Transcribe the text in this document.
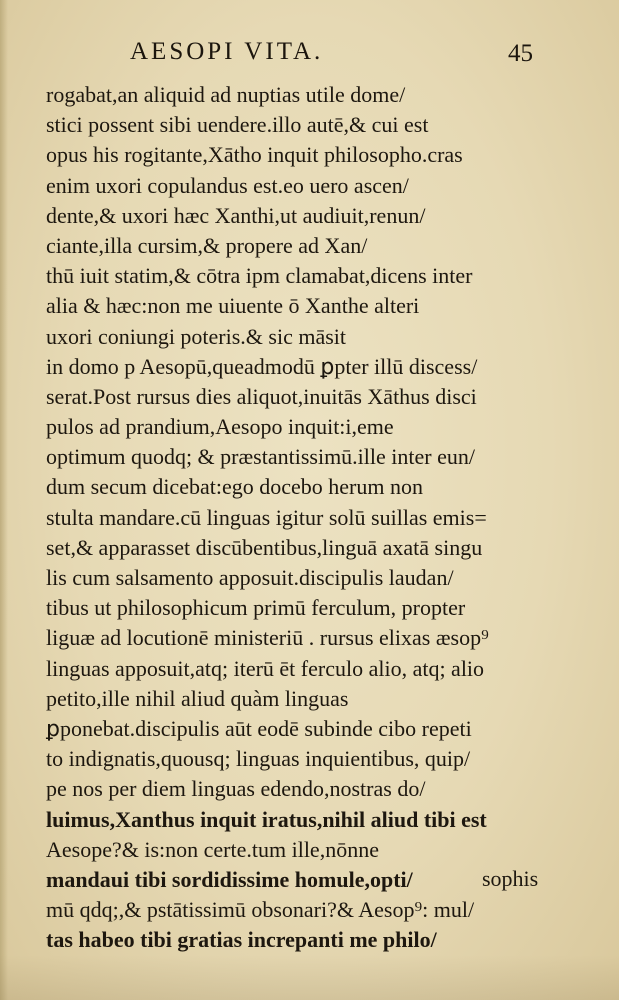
AESOPI VITA.	45
rogabat,an aliquid ad nuptias utile dome/
stici possent sibi uendere.illo autē,& cui est
opus his rogitante,Xātho inquit philosopho.cras
enim uxori copulandus est.eo uero ascen/
dente,& uxori hæc Xanthi,ut audiuit,renun/
ciante,illa cursim,& propere ad Xan/
thū iuit statim,& cōtra ipm clamabat,dicens inter
alia & hæc:non me uiuente ō Xanthe alteri
uxori coniungi poteris.& sic māsit
in domo p Aesopū,queadmodū ꝑpter illū discess/
serat.Post rursus dies aliquot,inuitās Xāthus disci
pulos ad prandium,Aesopo inquit:i,eme
optimum quodq; & præstantissimū.ille inter eun/
dum secum dicebat:ego docebo herum non
stulta mandare.cū linguas igitur solū suillas emis=
set,& apparasset discūbentibus,linguā axatā singu
lis cum salsamento apposuit.discipulis laudan/
tibus ut philosophicum primū ferculum, propter
liguæ ad locutionē ministeriū . rursus elixas æsop⁹
linguas apposuit,atq; iterū ēt ferculo alio, atq; alio
petito,ille nihil aliud quàm linguas
ꝑponebat.discipulis aūt eodē subinde cibo repeti
to indignatis,quousq; linguas inquientibus, quip/
pe nos per diem linguas edendo,nostras do/
luimus,Xanthus inquit iratus,nihil aliud tibi est
Aesope?& is:non certe.tum ille,nōnne
mandaui tibi sordidissime homule,opti/
mū qdq;,& pstātissimū obsonari?& Aesop⁹: mul/
tas habeo tibi gratias increpanti me philo/
sophis
